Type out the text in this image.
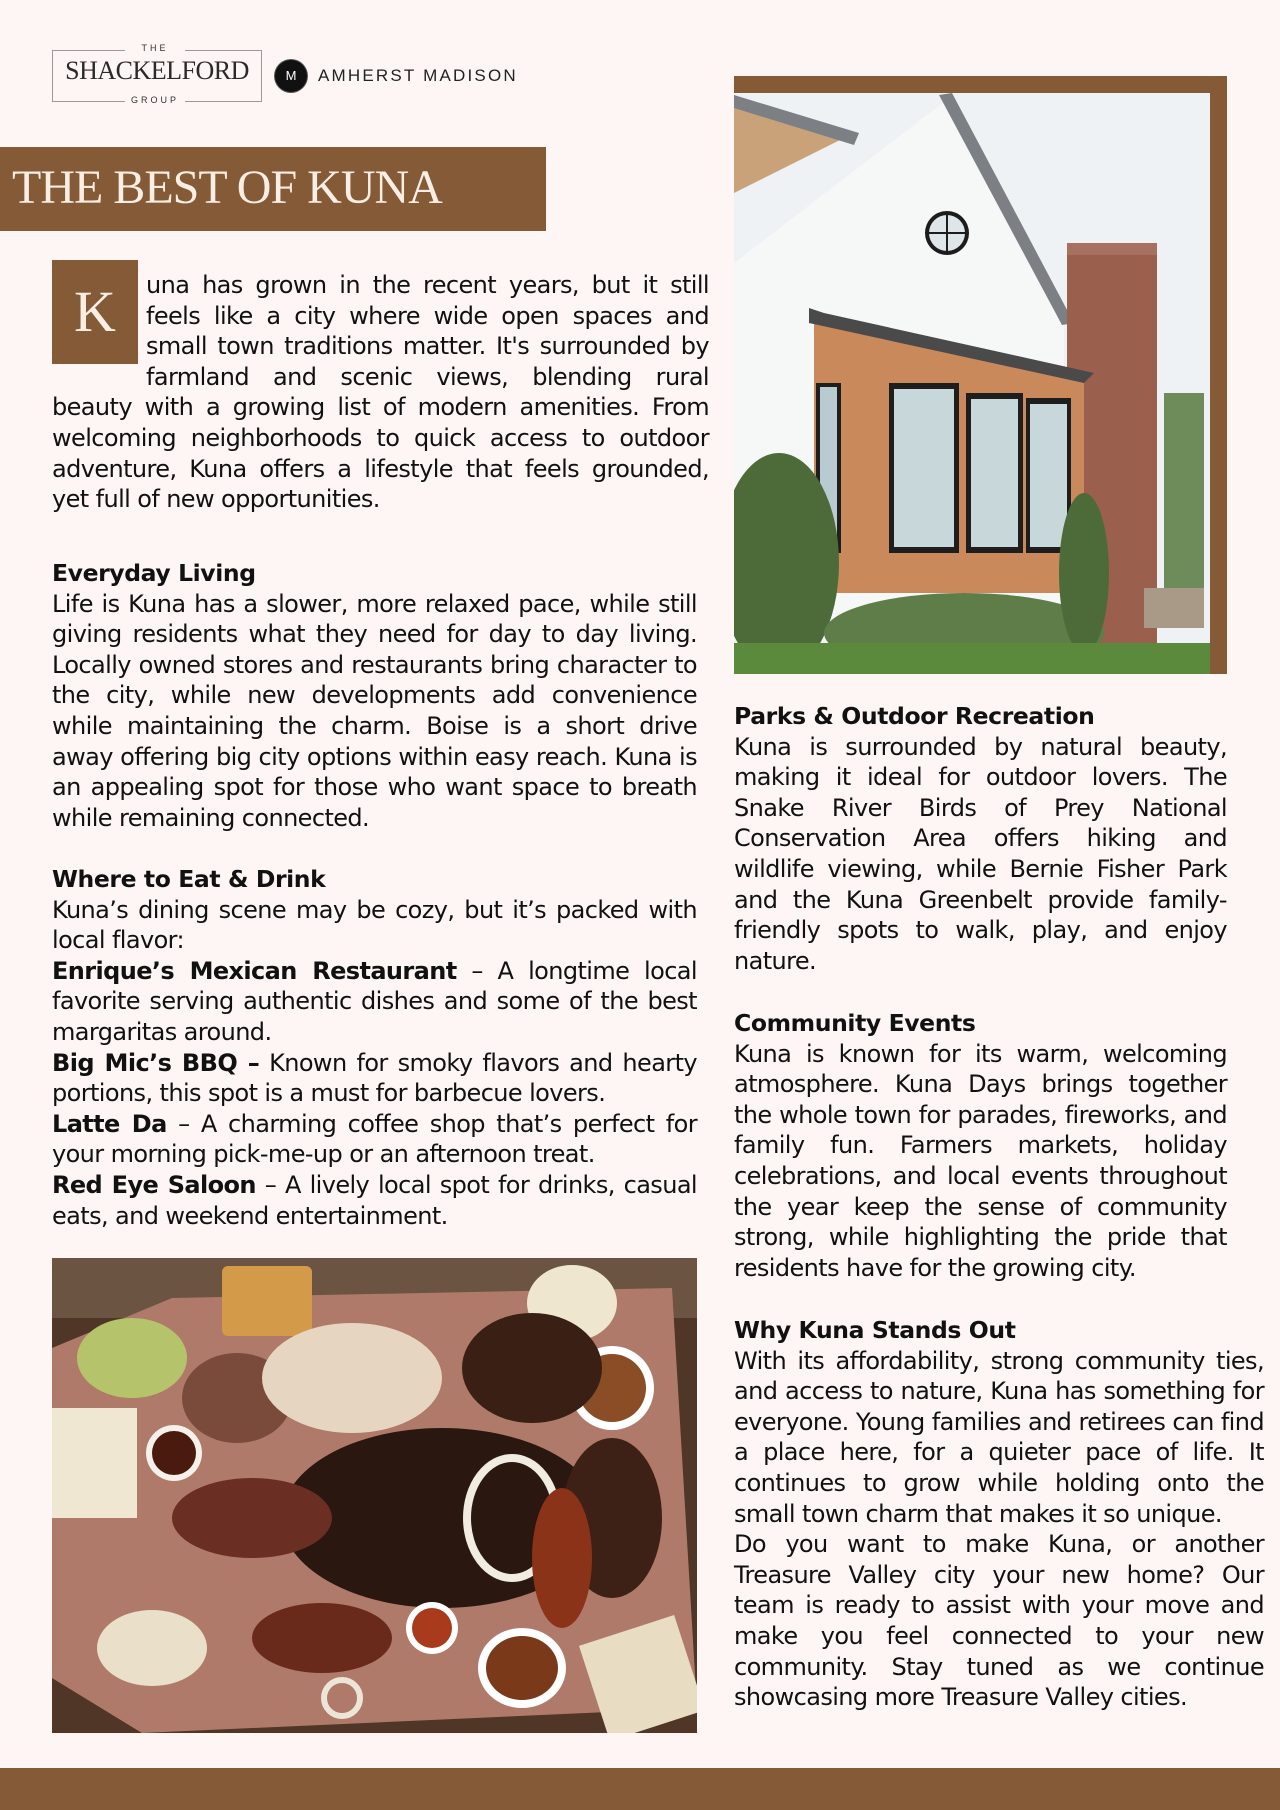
THE
SHACKELFORD
GROUP
M	AMHERST MADISON
THE BEST OF KUNA
K	una has grown in the recent years, but it still feels like a city where wide open spaces and small town traditions matter. It's surrounded by farmland and scenic views, blending rural beauty with a growing list of modern amenities. From welcoming neighborhoods to quick access to outdoor adventure, Kuna offers a lifestyle that feels grounded, yet full of new opportunities.

Everyday Living

Life is Kuna has a slower, more relaxed pace, while still giving residents what they need for day to day living. Locally owned stores and restaurants bring character to the city, while new developments add convenience while maintaining the charm. Boise is a short drive away offering big city options within easy reach. Kuna is an appealing spot for those who want space to breath while remaining connected.

Where to Eat & Drink

Kuna’s dining scene may be cozy, but it’s packed with local flavor:

Enrique’s Mexican Restaurant – A longtime local favorite serving authentic dishes and some of the best margaritas around.

Big Mic’s BBQ – Known for smoky flavors and hearty portions, this spot is a must for barbecue lovers.

Latte Da – A charming coffee shop that’s perfect for your morning pick-me-up or an afternoon treat.

Red Eye Saloon – A lively local spot for drinks, casual eats, and weekend entertainment.

Parks & Outdoor Recreation

Kuna is surrounded by natural beauty, making it ideal for outdoor lovers. The Snake River Birds of Prey National Conservation Area offers hiking and wildlife viewing, while Bernie Fisher Park and the Kuna Greenbelt provide family-friendly spots to walk, play, and enjoy nature.

Community Events

Kuna is known for its warm, welcoming atmosphere. Kuna Days brings together the whole town for parades, fireworks, and family fun. Farmers markets, holiday celebrations, and local events throughout the year keep the sense of community strong, while highlighting the pride that residents have for the growing city.

Why Kuna Stands Out

With its affordability, strong community ties, and access to nature, Kuna has something for everyone. Young families and retirees can find a place here, for a quieter pace of life. It continues to grow while holding onto the small town charm that makes it so unique.

Do you want to make Kuna, or another Treasure Valley city your new home? Our team is ready to assist with your move and make you feel connected to your new community. Stay tuned as we continue showcasing more Treasure Valley cities.
